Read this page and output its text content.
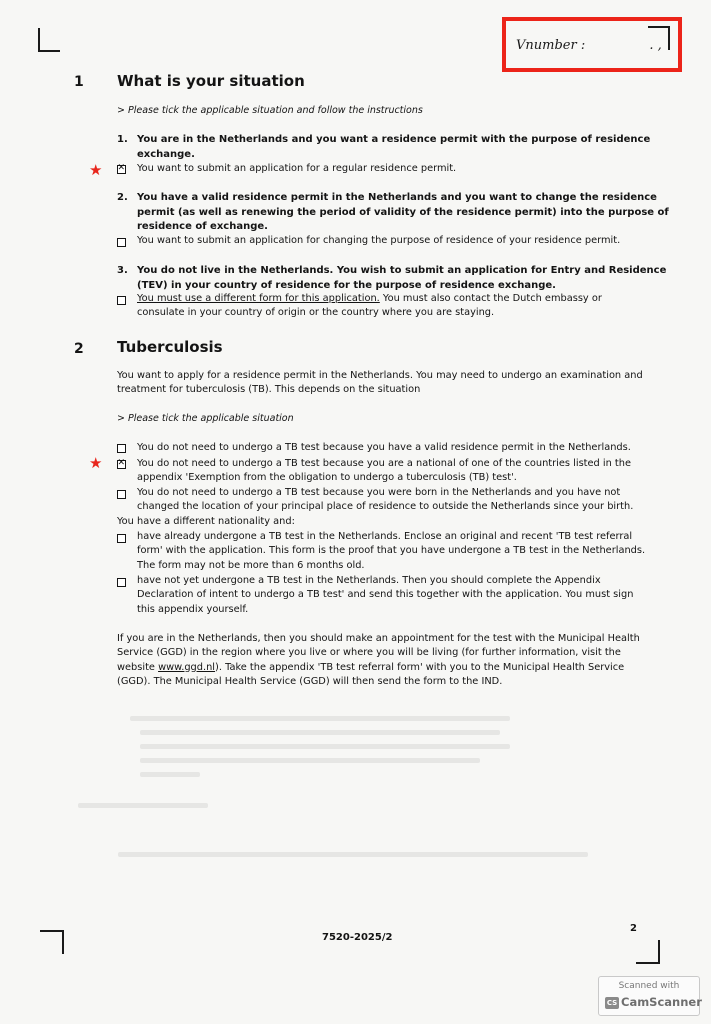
Vnumber :	. ,
1 What is your situation
> Please tick the applicable situation and follow the instructions
1. You are in the Netherlands and you want a residence permit with the purpose of residence
exchange.
★ ✕	You want to submit an application for a regular residence permit.
2. You have a valid residence permit in the Netherlands and you want to change the residence
permit (as well as renewing the period of validity of the residence permit) into the purpose of
residence of exchange.
You want to submit an application for changing the purpose of residence of your residence permit.
3. You do not live in the Netherlands. You wish to submit an application for Entry and Residence
(TEV) in your country of residence for the purpose of residence exchange.
You must use a different form for this application. You must also contact the Dutch embassy or
consulate in your country of origin or the country where you are staying.
2 Tuberculosis
You want to apply for a residence permit in the Netherlands. You may need to undergo an examination and
treatment for tuberculosis (TB). This depends on the situation
> Please tick the applicable situation
You do not need to undergo a TB test because you have a valid residence permit in the Netherlands.
★ ✕	You do not need to undergo a TB test because you are a national of one of the countries listed in the
appendix 'Exemption from the obligation to undergo a tuberculosis (TB) test'.
You do not need to undergo a TB test because you were born in the Netherlands and you have not
changed the location of your principal place of residence to outside the Netherlands since your birth.
You have a different nationality and:
have already undergone a TB test in the Netherlands. Enclose an original and recent 'TB test referral
form' with the application. This form is the proof that you have undergone a TB test in the Netherlands.
The form may not be more than 6 months old.
have not yet undergone a TB test in the Netherlands. Then you should complete the Appendix
Declaration of intent to undergo a TB test' and send this together with the application. You must sign
this appendix yourself.
If you are in the Netherlands, then you should make an appointment for the test with the Municipal Health
Service (GGD) in the region where you live or where you will be living (for further information, visit the
website www.ggd.nl). Take the appendix 'TB test referral form' with you to the Municipal Health Service
(GGD). The Municipal Health Service (GGD) will then send the form to the IND.
7520-2025/2
2
Scanned with
CS CamScanner
